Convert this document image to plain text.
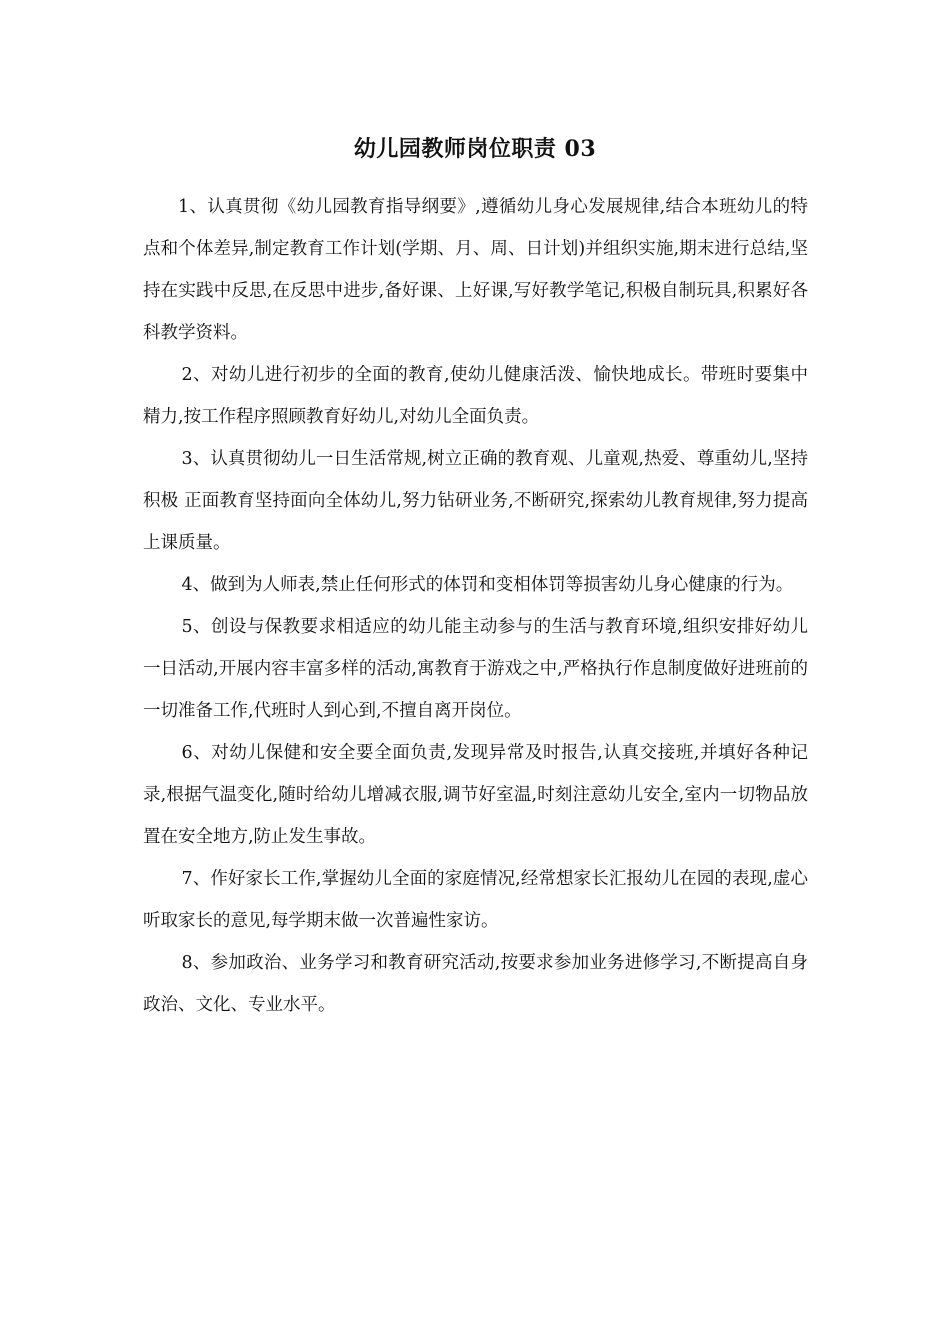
幼儿园教师岗位职责 03

1、认真贯彻《幼儿园教育指导纲要》,遵循幼儿身心发展规律,结合本班幼儿的特点和个体差异,制定教育工作计划(学期、月、周、日计划)并组织实施,期末进行总结,坚持在实践中反思,在反思中进步,备好课、上好课,写好教学笔记,积极自制玩具,积累好各科教学资料。

2、对幼儿进行初步的全面的教育,使幼儿健康活泼、愉快地成长。带班时要集中精力,按工作程序照顾教育好幼儿,对幼儿全面负责。

3、认真贯彻幼儿一日生活常规,树立正确的教育观、儿童观,热爱、尊重幼儿,坚持积极 正面教育坚持面向全体幼儿,努力钻研业务,不断研究,探索幼儿教育规律,努力提高上课质量。

4、做到为人师表,禁止任何形式的体罚和变相体罚等损害幼儿身心健康的行为。

5、创设与保教要求相适应的幼儿能主动参与的生活与教育环境,组织安排好幼儿一日活动,开展内容丰富多样的活动,寓教育于游戏之中,严格执行作息制度做好进班前的一切准备工作,代班时人到心到,不擅自离开岗位。

6、对幼儿保健和安全要全面负责,发现异常及时报告,认真交接班,并填好各种记录,根据气温变化,随时给幼儿增减衣服,调节好室温,时刻注意幼儿安全,室内一切物品放置在安全地方,防止发生事故。

7、作好家长工作,掌握幼儿全面的家庭情况,经常想家长汇报幼儿在园的表现,虚心听取家长的意见,每学期末做一次普遍性家访。

8、参加政治、业务学习和教育研究活动,按要求参加业务进修学习,不断提高自身政治、文化、专业水平。
